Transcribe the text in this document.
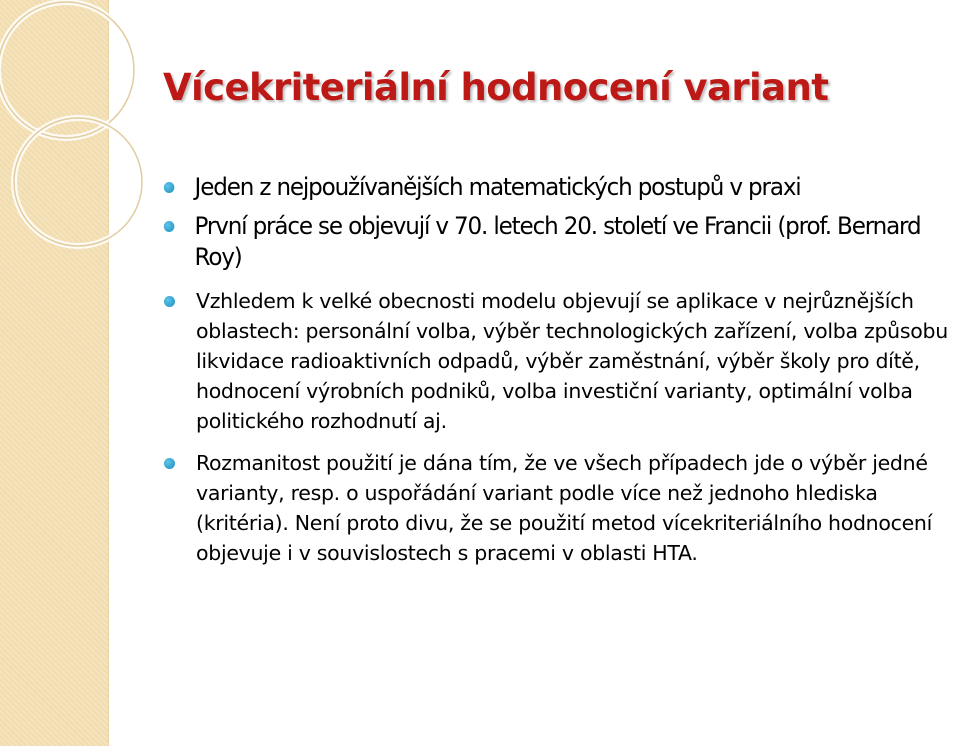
Vícekriteriální hodnocení variant
Jeden z nejpoužívanějších matematických postupů v praxi
První práce se objevují v 70. letech 20. století ve Francii (prof. Bernard Roy)
Vzhledem k velké obecnosti modelu objevují se aplikace v nejrůznějších oblastech: personální volba, výběr technologických zařízení, volba způsobu likvidace radioaktivních odpadů, výběr zaměstnání, výběr školy pro dítě, hodnocení výrobních podniků, volba investiční varianty, optimální volba politického rozhodnutí aj.
Rozmanitost použití je dána tím, že ve všech případech jde o výběr jedné varianty, resp. o uspořádání variant podle více než jednoho hlediska (kritéria). Není proto divu, že se použití metod vícekriteriálního hodnocení objevuje i v souvislostech s pracemi v oblasti HTA.
